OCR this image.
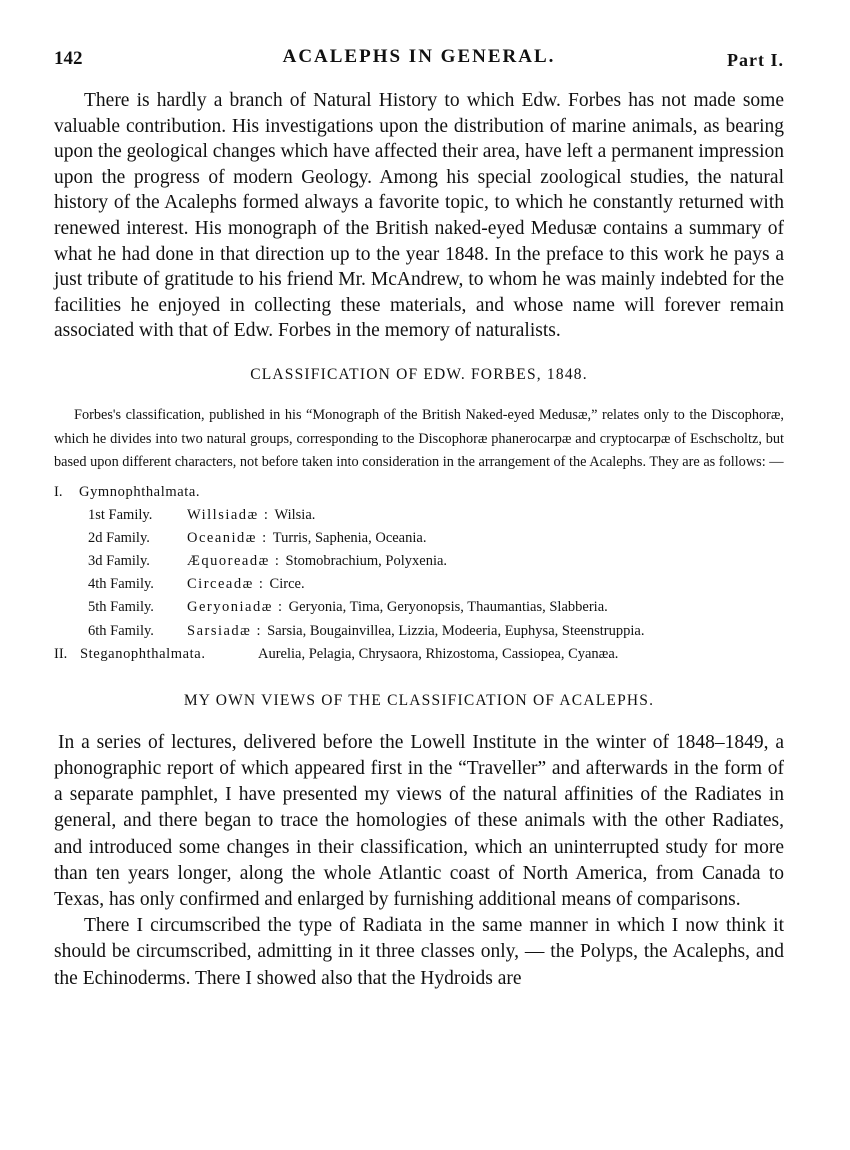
142	ACALEPHS IN GENERAL.	Part I.

There is hardly a branch of Natural History to which Edw. Forbes has not made some valuable contribution. His investigations upon the distribution of marine animals, as bearing upon the geological changes which have affected their area, have left a permanent impression upon the progress of modern Geology. Among his special zoological studies, the natural history of the Acalephs formed always a favorite topic, to which he constantly returned with renewed interest. His monograph of the British naked-eyed Medusæ contains a summary of what he had done in that direction up to the year 1848. In the preface to this work he pays a just tribute of gratitude to his friend Mr. McAndrew, to whom he was mainly indebted for the facilities he enjoyed in collecting these materials, and whose name will forever remain associated with that of Edw. Forbes in the memory of naturalists.

CLASSIFICATION OF EDW. FORBES, 1848.

Forbes's classification, published in his “Monograph of the British Naked-eyed Medusæ,” relates only to the Discophoræ, which he divides into two natural groups, corresponding to the Discophoræ phanerocarpæ and cryptocarpæ of Eschscholtz, but based upon different characters, not before taken into consideration in the arrangement of the Acalephs. They are as follows: —

I. Gymnophthalmata.
1st Family. Willsiadæ : Wilsia.
2d Family.	Oceanidæ : Turris, Saphenia, Oceania.
3d Family.	Æquoreadæ : Stomobrachium, Polyxenia.
4th Family. Circeadæ : Circe.
5th Family. Geryoniadæ : Geryonia, Tima, Geryonopsis, Thaumantias, Slabberia.
6th Family. Sarsiadæ : Sarsia, Bougainvillea, Lizzia, Modeeria, Euphysa, Steenstruppia.
II. Steganophthalmata.	Aurelia, Pelagia, Chrysaora, Rhizostoma, Cassiopea, Cyanæa.
MY OWN VIEWS OF THE CLASSIFICATION OF ACALEPHS.

In a series of lectures, delivered before the Lowell Institute in the winter of 1848–1849, a phonographic report of which appeared first in the “Traveller” and afterwards in the form of a separate pamphlet, I have presented my views of the natural affinities of the Radiates in general, and there began to trace the homologies of these animals with the other Radiates, and introduced some changes in their classification, which an uninterrupted study for more than ten years longer, along the whole Atlantic coast of North America, from Canada to Texas, has only confirmed and enlarged by furnishing additional means of comparisons.

There I circumscribed the type of Radiata in the same manner in which I now think it should be circumscribed, admitting in it three classes only, — the Polyps, the Acalephs, and the Echinoderms. There I showed also that the Hydroids are
